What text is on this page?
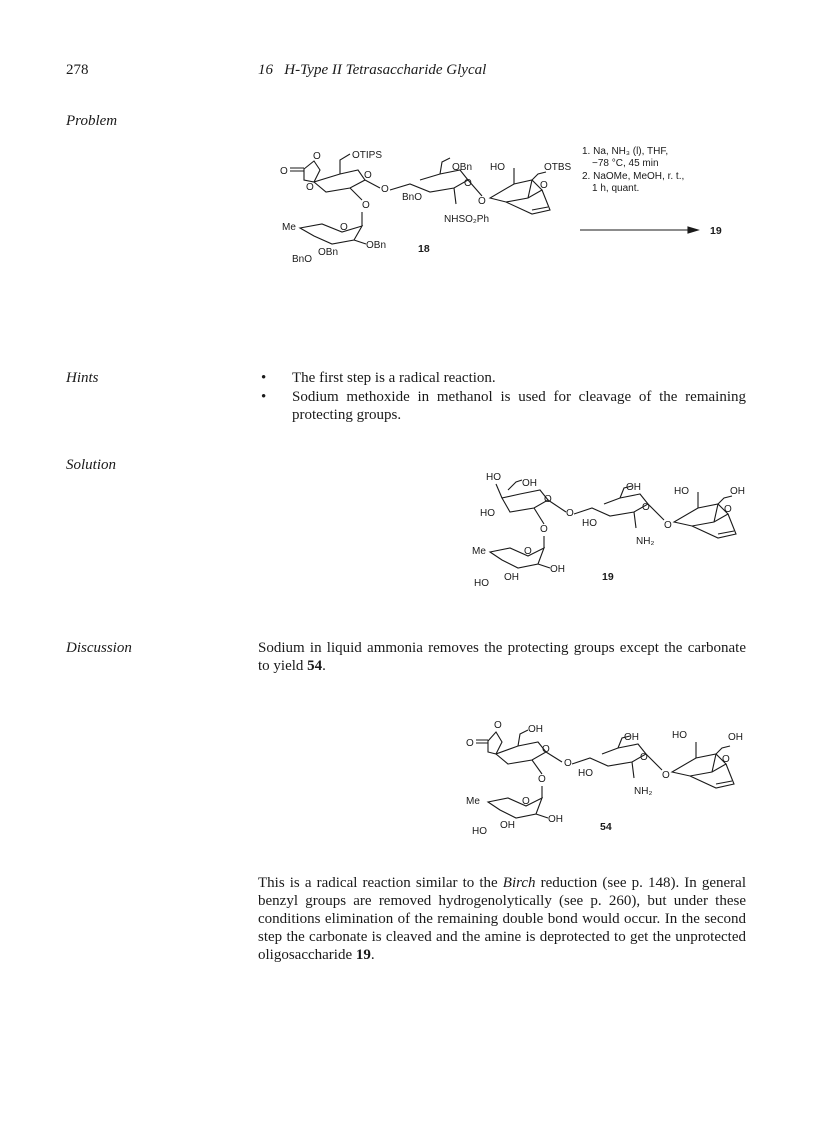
278	16   H-Type II Tetrasaccharide Glycal
Problem
Hints
Solution
Discussion
O
O
O
O
OTIPS
O
O
O
OBn
BnO
NHSO₂Ph
O
O
HO	OTBS
Me	O
OBn
OBn
BnO
18
1. Na, NH₃ (l), THF,
−78 °C, 45 min
2. NaOMe, MeOH, r. t.,
1 h, quant.
19
• The first step is a radical reaction.
• Sodium methoxide in methanol is used for cleavage of the remaining protecting groups.
HO
OH
O
HO	O
O
O
OH
HO
NH₂
O
O
HO	OH
Me	O
OH
OH
HO
19
Sodium in liquid ammonia removes the protecting groups except the carbonate to yield 54.
O
O	OH
O
O
O
O
OH
HO
NH₂
O
O
HO	OH
Me	O
OH
OH
HO	54
This is a radical reaction similar to the Birch reduction (see p. 148). In general benzyl groups are removed hydrogenolytically (see p. 260), but under these conditions elimination of the remaining double bond would occur. In the second step the carbonate is cleaved and the amine is deprotected to get the unprotected oligosaccharide 19.
